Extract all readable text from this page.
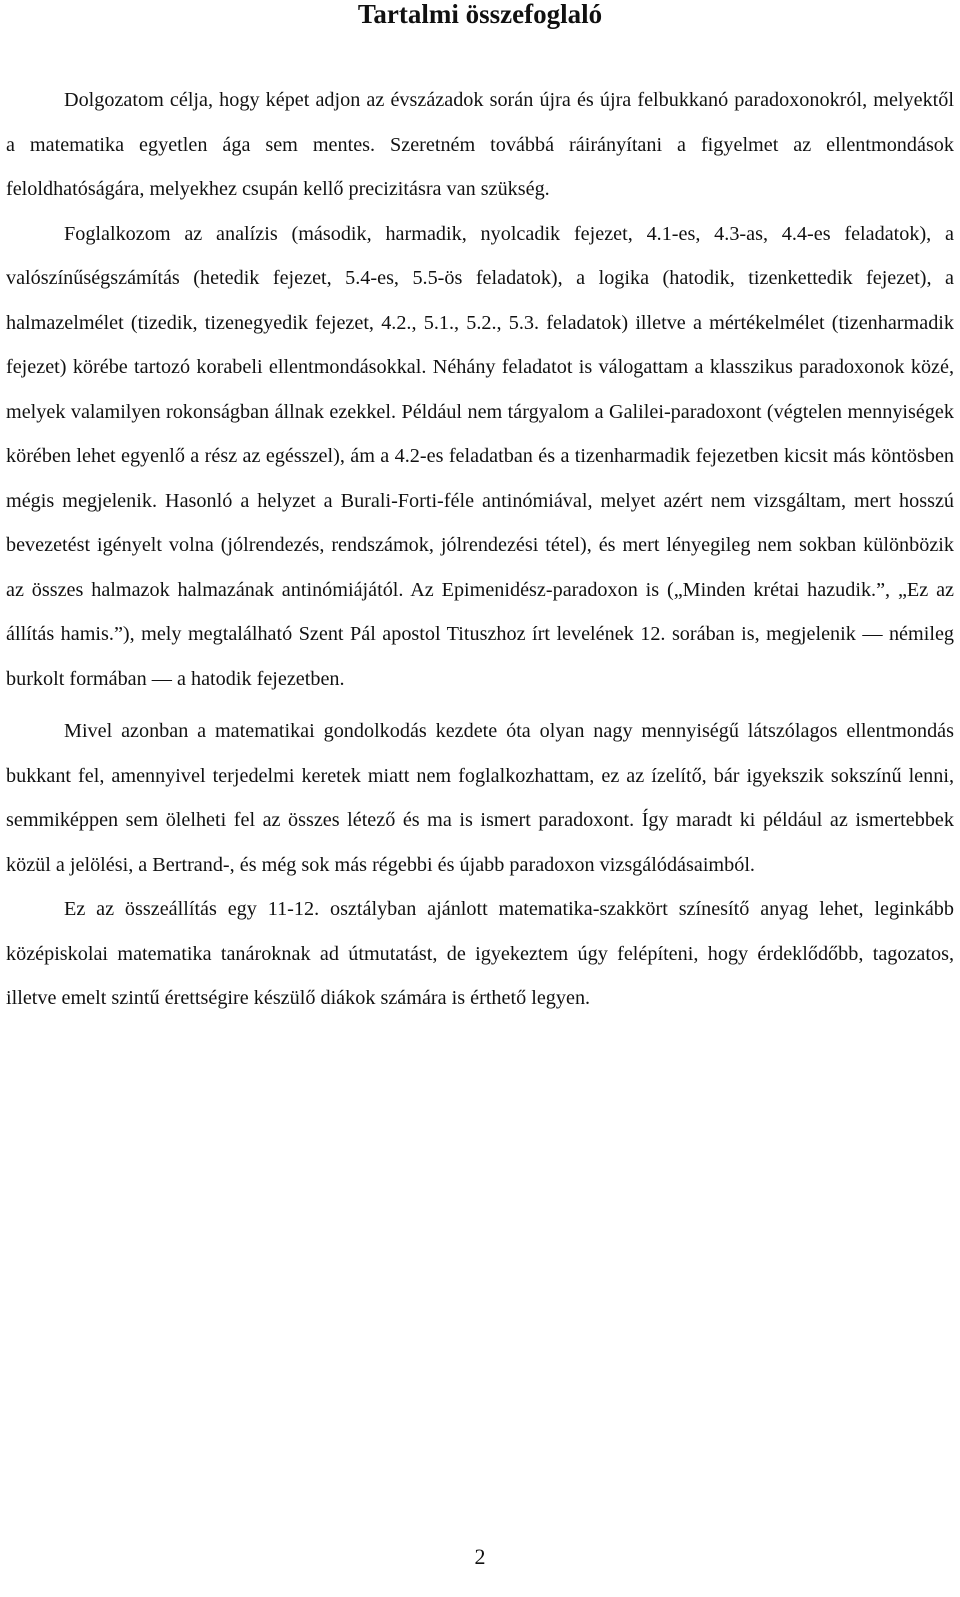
Tartalmi összefoglaló

Dolgozatom célja, hogy képet adjon az évszázadok során újra és újra felbukkanó paradoxonokról, melyektől a matematika egyetlen ága sem mentes. Szeretném továbbá ráirányítani a figyelmet az ellentmondások feloldhatóságára, melyekhez csupán kellő precizitásra van szükség.

Foglalkozom az analízis (második, harmadik, nyolcadik fejezet, 4.1-es, 4.3-as, 4.4-es feladatok), a valószínűségszámítás (hetedik fejezet, 5.4-es, 5.5-ös feladatok), a logika (hatodik, tizenkettedik fejezet), a halmazelmélet (tizedik, tizenegyedik fejezet, 4.2., 5.1., 5.2., 5.3. feladatok) illetve a mértékelmélet (tizenharmadik fejezet) körébe tartozó korabeli ellentmondásokkal. Néhány feladatot is válogattam a klasszikus paradoxonok közé, melyek valamilyen rokonságban állnak ezekkel. Például nem tárgyalom a Galilei-paradoxont (végtelen mennyiségek körében lehet egyenlő a rész az egésszel), ám a 4.2-es feladatban és a tizenharmadik fejezetben kicsit más köntösben mégis megjelenik. Hasonló a helyzet a Burali-Forti-féle antinómiával, melyet azért nem vizsgáltam, mert hosszú bevezetést igényelt volna (jólrendezés, rendszámok, jólrendezési tétel), és mert lényegileg nem sokban különbözik az összes halmazok halmazának antinómiájától. Az Epimenidész-paradoxon is („Minden krétai hazudik.”, „Ez az állítás hamis.”), mely megtalálható Szent Pál apostol Tituszhoz írt levelének 12. sorában is, megjelenik — némileg burkolt formában — a hatodik fejezetben.

Mivel azonban a matematikai gondolkodás kezdete óta olyan nagy mennyiségű látszólagos ellentmondás bukkant fel, amennyivel terjedelmi keretek miatt nem foglalkozhattam, ez az ízelítő, bár igyekszik sokszínű lenni, semmiképpen sem ölelheti fel az összes létező és ma is ismert paradoxont. Így maradt ki például az ismertebbek közül a jelölési, a Bertrand-, és még sok más régebbi és újabb paradoxon vizsgálódásaimból.

Ez az összeállítás egy 11-12. osztályban ajánlott matematika-szakkört színesítő anyag lehet, leginkább középiskolai matematika tanároknak ad útmutatást, de igyekeztem úgy felépíteni, hogy érdeklődőbb, tagozatos, illetve emelt szintű érettségire készülő diákok számára is érthető legyen.

2
